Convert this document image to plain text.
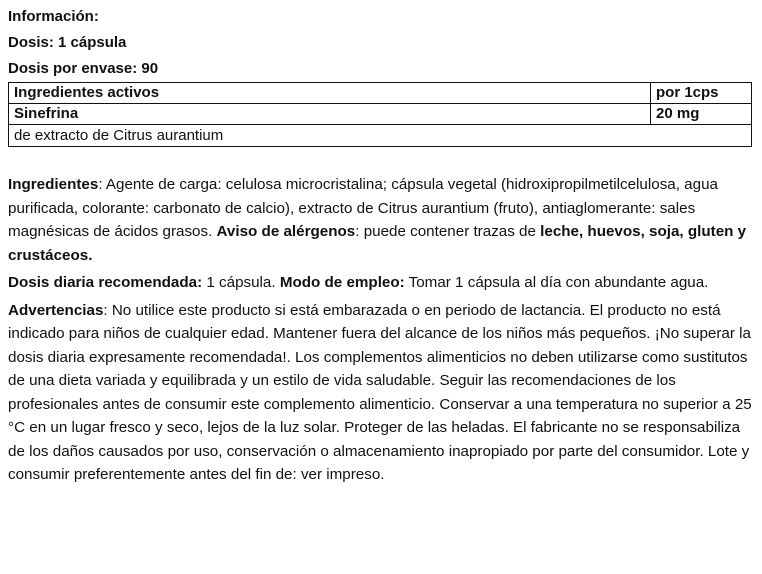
Información:
Dosis: 1 cápsula
Dosis por envase: 90
Ingredientes activos	por 1cps
Sinefrina	20 mg
de extracto de Citrus aurantium	

Ingredientes: Agente de carga: celulosa microcristalina; cápsula vegetal (hidroxipropilmetilcelulosa, agua purificada, colorante: carbonato de calcio), extracto de Citrus aurantium (fruto), antiaglomerante: sales magnésicas de ácidos grasos. Aviso de alérgenos: puede contener trazas de leche, huevos, soja, gluten y crustáceos.

Dosis diaria recomendada: 1 cápsula. Modo de empleo: Tomar 1 cápsula al día con abundante agua.

Advertencias: No utilice este producto si está embarazada o en periodo de lactancia. El producto no está indicado para niños de cualquier edad. Mantener fuera del alcance de los niños más pequeños. ¡No superar la dosis diaria expresamente recomendada!. Los complementos alimenticios no deben utilizarse como sustitutos de una dieta variada y equilibrada y un estilo de vida saludable. Seguir las recomendaciones de los profesionales antes de consumir este complemento alimenticio. Conservar a una temperatura no superior a 25 °C en un lugar fresco y seco, lejos de la luz solar. Proteger de las heladas. El fabricante no se responsabiliza de los daños causados por uso, conservación o almacenamiento inapropiado por parte del consumidor. Lote y consumir preferentemente antes del fin de: ver impreso.
